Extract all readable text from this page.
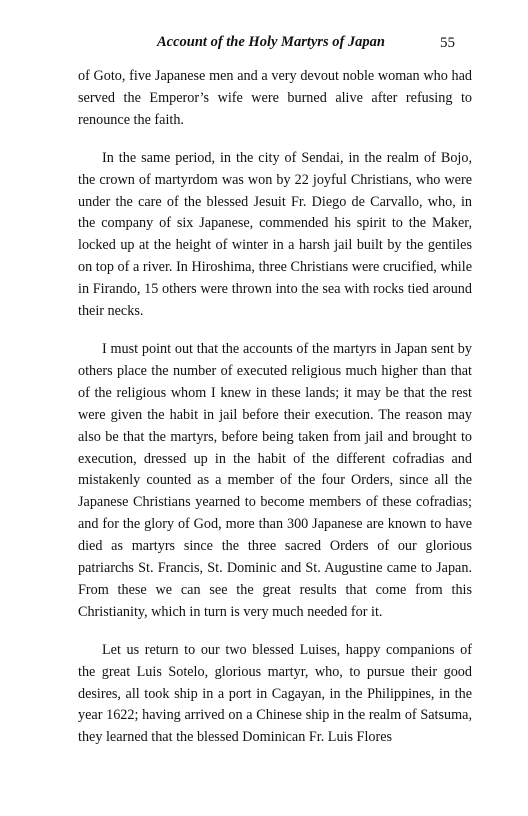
Account of the Holy Martyrs of Japan	55

of Goto, five Japanese men and a very devout noble woman who had served the Emperor’s wife were burned alive after refusing to renounce the faith.

In the same period, in the city of Sendai, in the realm of Bojo, the crown of martyrdom was won by 22 joyful Christians, who were under the care of the blessed Jesuit Fr. Diego de Carvallo, who, in the company of six Japanese, commended his spirit to the Maker, locked up at the height of winter in a harsh jail built by the gentiles on top of a river. In Hiroshima, three Christians were crucified, while in Firando, 15 others were thrown into the sea with rocks tied around their necks.

I must point out that the accounts of the martyrs in Japan sent by others place the number of executed religious much higher than that of the religious whom I knew in these lands; it may be that the rest were given the habit in jail before their execution. The reason may also be that the martyrs, before being taken from jail and brought to execution, dressed up in the habit of the different cofradias and mistakenly counted as a member of the four Orders, since all the Japanese Christians yearned to become members of these cofradias; and for the glory of God, more than 300 Japanese are known to have died as martyrs since the three sacred Orders of our glorious patriarchs St. Francis, St. Dominic and St. Augustine came to Japan. From these we can see the great results that come from this Christianity, which in turn is very much needed for it.

Let us return to our two blessed Luises, happy companions of the great Luis Sotelo, glorious martyr, who, to pursue their good desires, all took ship in a port in Cagayan, in the Philippines, in the year 1622; having arrived on a Chinese ship in the realm of Satsuma, they learned that the blessed Dominican Fr. Luis Flores
